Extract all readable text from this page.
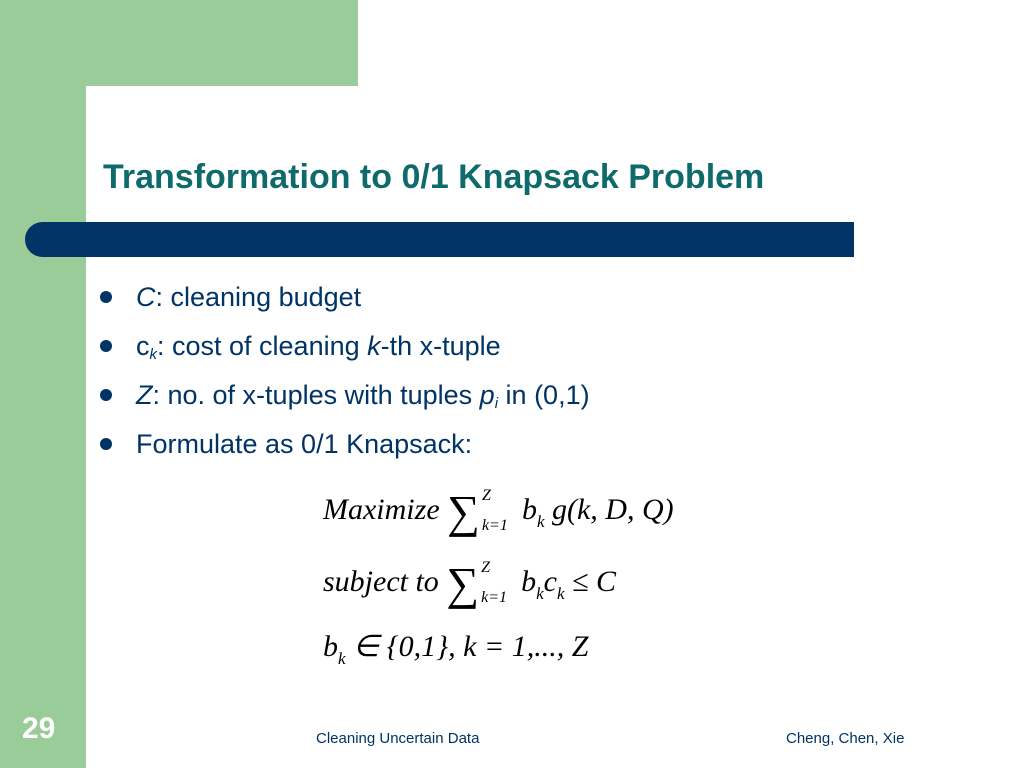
Transformation to 0/1 Knapsack Problem
C: cleaning budget
$c_k$: cost of cleaning k-th x-tuple
Z: no. of x-tuples with tuples $p_i$ in (0,1)
Formulate as 0/1 Knapsack:
Maximize ∑ Z
k=1 $b_k$ g(k, D, Q)
subject to ∑ Z
k=1 $b_kc_k \le C$
$b_k$ ∈ {0,1}, k = 1,..., Z
29	Cleaning Uncertain Data	Cheng, Chen, Xie
